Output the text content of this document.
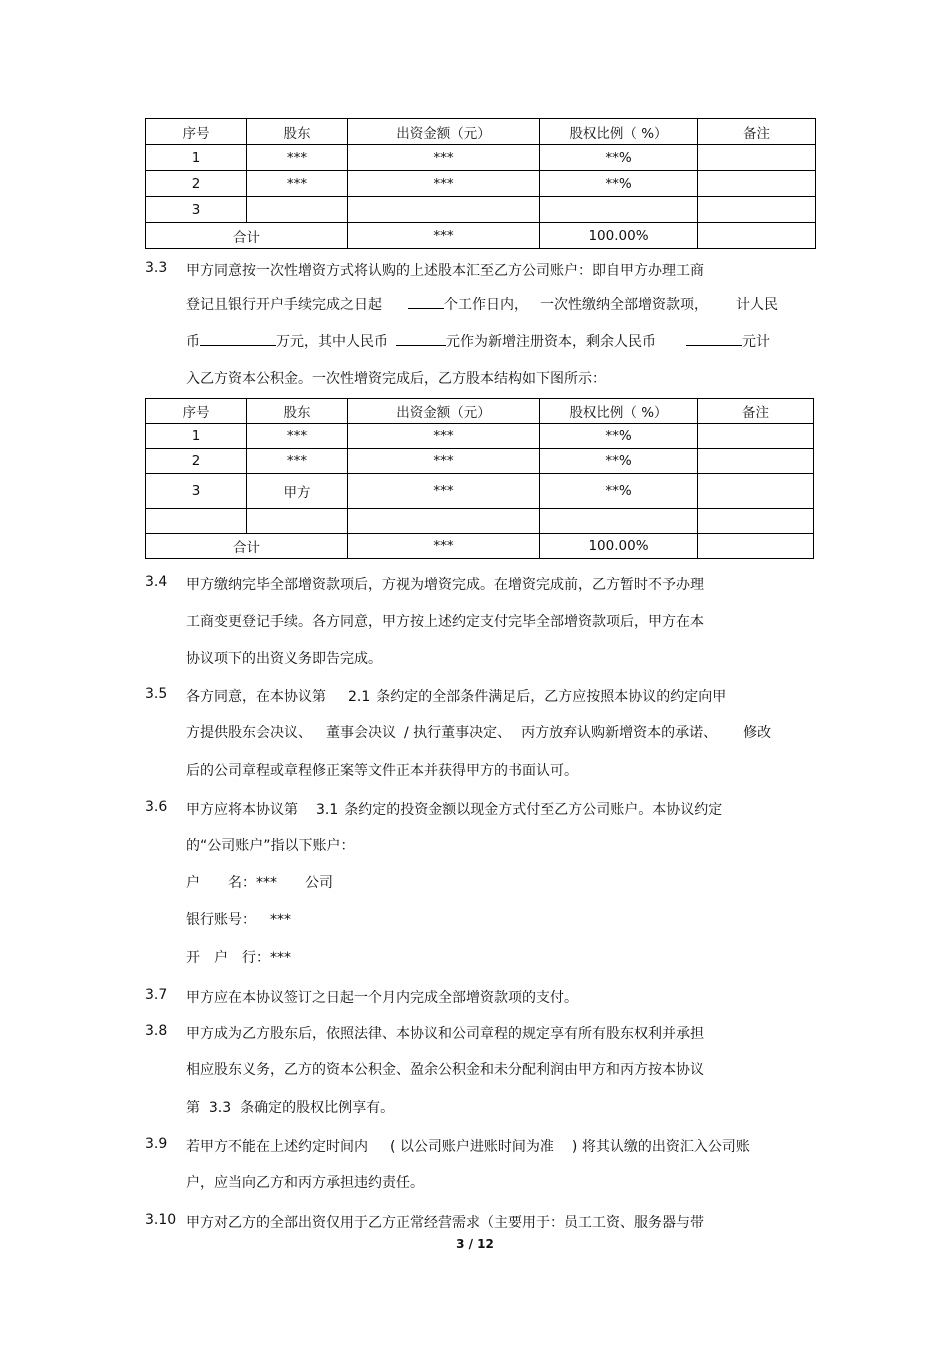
序号	股东	出资金额（元）	股权比例（ %）	备注
1	***	***	**%	
2	***	***	**%	
3				
合计		***	100.00%	
3.3 甲方同意按一次性增资方式将认购的上述股本汇至乙方公司账户：即自甲方办理工商
登记且银行开户手续完成之日起	个工作日内， 一次性缴纳全部增资款项， 计人民
币	万元，其中人民币	元作为新增注册资本，剩余人民币	元计
入乙方资本公积金。一次性增资完成后，乙方股本结构如下图所示：
序号	股东	出资金额（元）	股权比例（ %）	备注
1	***	***	**%	
2	***	***	**%	
3	甲方	***	**%	

合计		***	100.00%	
3.4 甲方缴纳完毕全部增资款项后，方视为增资完成。在增资完成前，乙方暂时不予办理
工商变更登记手续。各方同意，甲方按上述约定支付完毕全部增资款项后，甲方在本
协议项下的出资义务即告完成。
3.5 各方同意，在本协议第 2.1 条约定的全部条件满足后，乙方应按照本协议的约定向甲
方提供股东会决议、 董事会决议 / 执行董事决定、 丙方放弃认购新增资本的承诺、 修改
后的公司章程或章程修正案等文件正本并获得甲方的书面认可。
3.6 甲方应将本协议第 3.1 条约定的投资金额以现金方式付至乙方公司账户。本协议约定
的“公司账户”指以下账户：
户　　名：***　　公司
银行账号： ***
开　户　行：***
3.7 甲方应在本协议签订之日起一个月内完成全部增资款项的支付。
3.8 甲方成为乙方股东后，依照法律、本协议和公司章程的规定享有所有股东权利并承担
相应股东义务，乙方的资本公积金、盈余公积金和未分配利润由甲方和丙方按本协议
第  3.3  条确定的股权比例享有。
3.9 若甲方不能在上述约定时间内 ( 以公司账户进账时间为准 ) 将其认缴的出资汇入公司账
户，应当向乙方和丙方承担违约责任。
3.10 甲方对乙方的全部出资仅用于乙方正常经营需求（主要用于：员工工资、服务器与带
3 / 12
